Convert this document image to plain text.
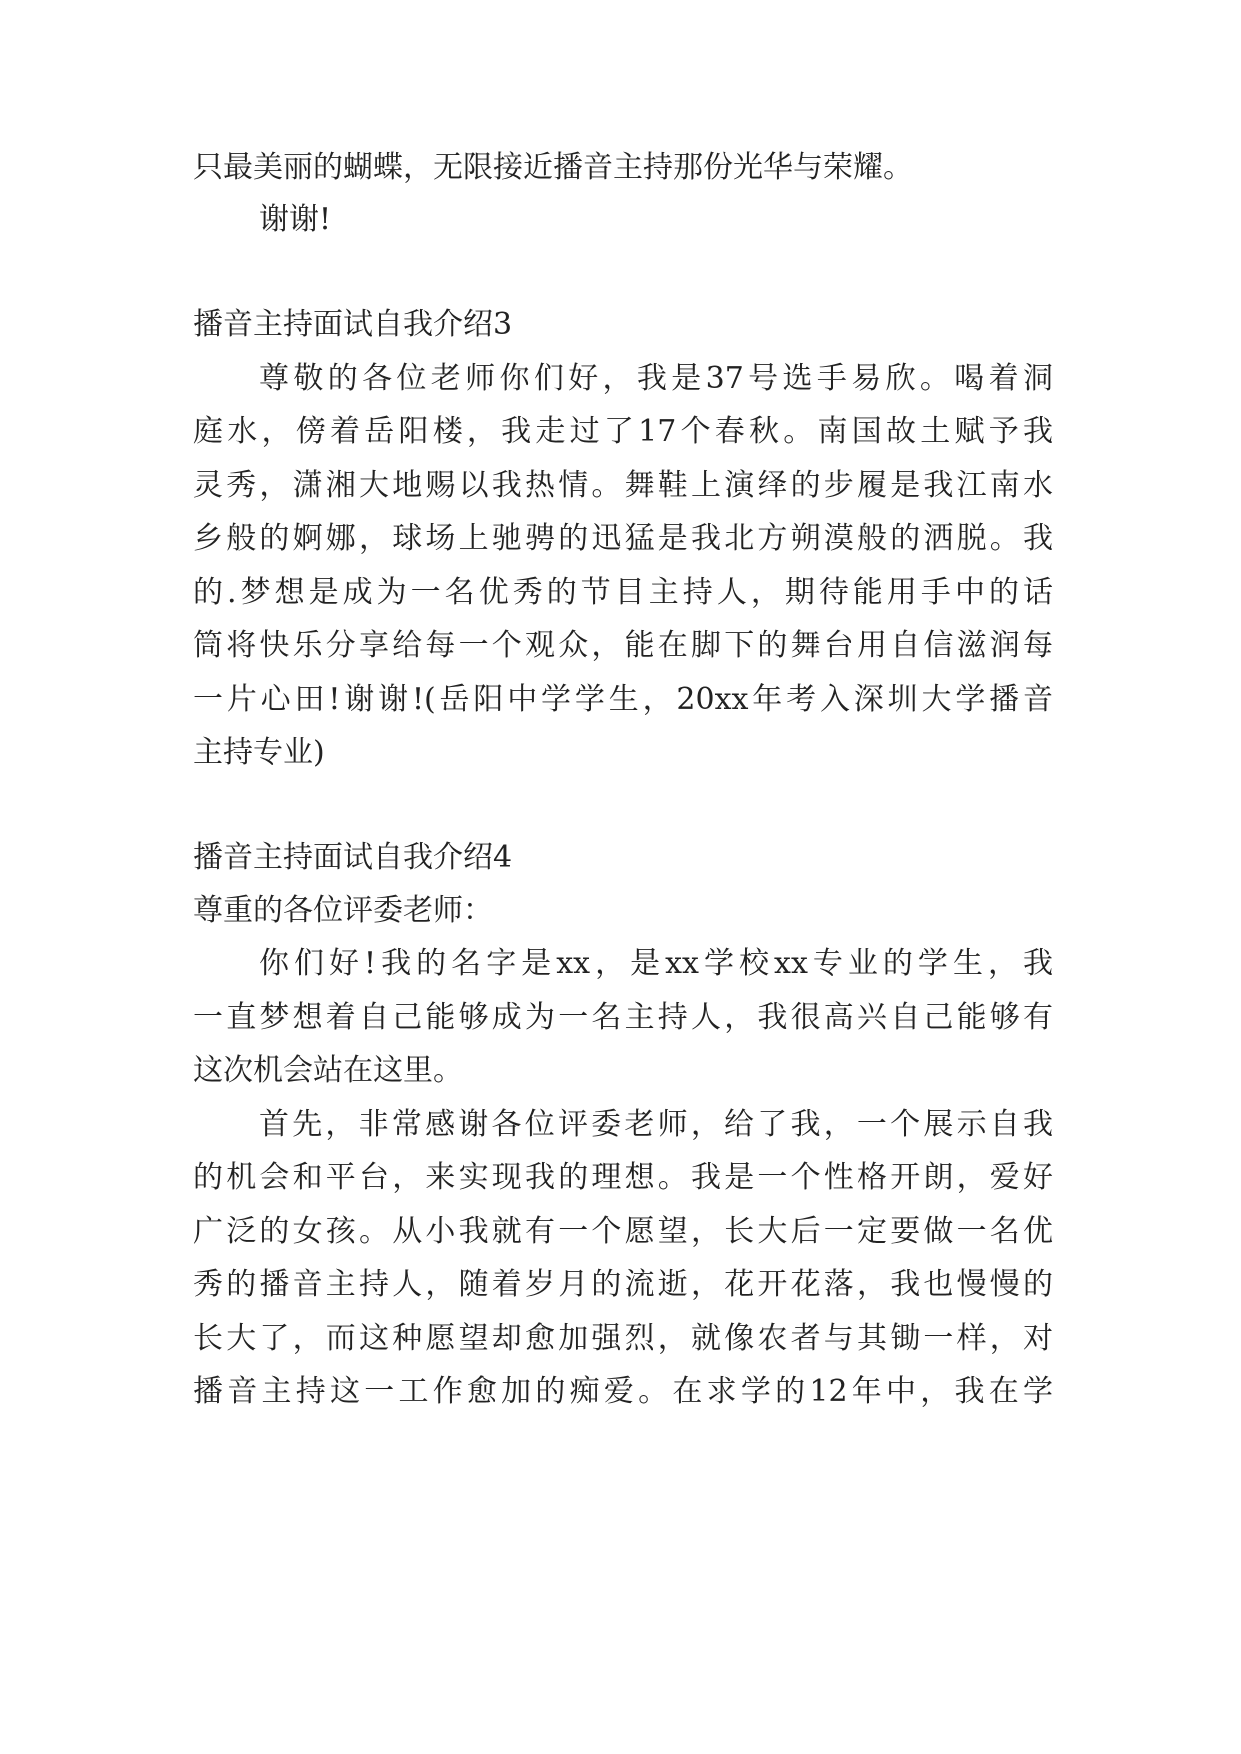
只最美丽的蝴蝶，无限接近播音主持那份光华与荣耀。

谢谢!

播音主持面试自我介绍3

尊敬的各位老师你们好，我是37号选手易欣。喝着洞

庭水，傍着岳阳楼，我走过了17个春秋。南国故土赋予我

灵秀，潇湘大地赐以我热情。舞鞋上演绎的步履是我江南水

乡般的婀娜，球场上驰骋的迅猛是我北方朔漠般的洒脱。我

的.梦想是成为一名优秀的节目主持人，期待能用手中的话

筒将快乐分享给每一个观众，能在脚下的舞台用自信滋润每

一片心田!谢谢!(岳阳中学学生，20xx年考入深圳大学播音

主持专业)

播音主持面试自我介绍4

尊重的各位评委老师：

你们好!我的名字是xx，是xx学校xx专业的学生，我

一直梦想着自己能够成为一名主持人，我很高兴自己能够有

这次机会站在这里。

首先，非常感谢各位评委老师，给了我，一个展示自我

的机会和平台，来实现我的理想。我是一个性格开朗，爱好

广泛的女孩。从小我就有一个愿望，长大后一定要做一名优

秀的播音主持人，随着岁月的流逝，花开花落，我也慢慢的

长大了，而这种愿望却愈加强烈，就像农者与其锄一样，对

播音主持这一工作愈加的痴爱。在求学的12年中，我在学
